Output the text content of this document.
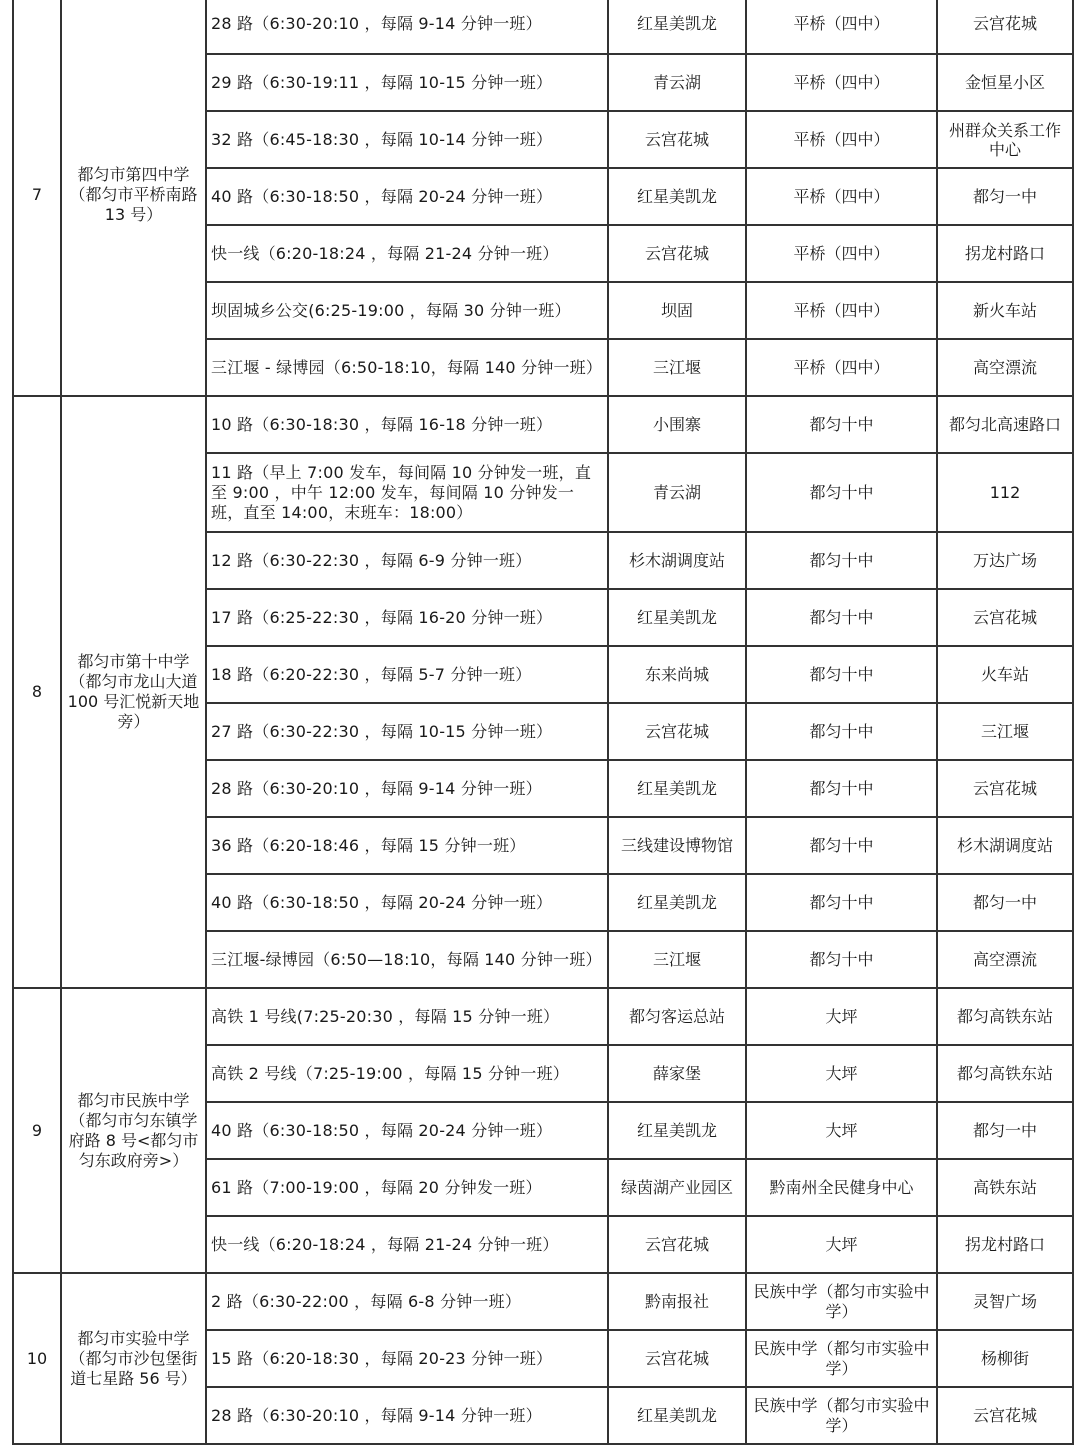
7	都匀市第四中学（都匀市平桥南路 13 号）	28 路（6:30-20:10 ，每隔 9-14 分钟一班）	红星美凯龙	平桥（四中）	云宫花城
		29 路（6:30-19:11 ，每隔 10-15 分钟一班）	青云湖	平桥（四中）	金恒星小区
		32 路（6:45-18:30 ，每隔 10-14 分钟一班）	云宫花城	平桥（四中）	州群众关系工作中心
		40 路（6:30-18:50 ，每隔 20-24 分钟一班）	红星美凯龙	平桥（四中）	都匀一中
		快一线（6:20-18:24 ，每隔 21-24 分钟一班）	云宫花城	平桥（四中）	拐龙村路口
		坝固城乡公交(6:25-19:00 ，每隔 30 分钟一班）	坝固	平桥（四中）	新火车站
		三江堰 - 绿博园（6:50-18:10，每隔 140 分钟一班）	三江堰	平桥（四中）	高空漂流
8	都匀市第十中学（都匀市龙山大道 100 号汇悦新天地旁）	10 路（6:30-18:30 ，每隔 16-18 分钟一班）	小围寨	都匀十中	都匀北高速路口
		11 路（早上 7:00 发车，每间隔 10 分钟发一班，直至 9:00 ，中午 12:00 发车，每间隔 10 分钟发一班，直至 14:00，末班车：18:00）	青云湖	都匀十中	112
		12 路（6:30-22:30 ，每隔 6-9 分钟一班）	杉木湖调度站	都匀十中	万达广场
		17 路（6:25-22:30 ，每隔 16-20 分钟一班）	红星美凯龙	都匀十中	云宫花城
		18 路（6:20-22:30 ，每隔 5-7 分钟一班）	东来尚城	都匀十中	火车站
		27 路（6:30-22:30 ，每隔 10-15 分钟一班）	云宫花城	都匀十中	三江堰
		28 路（6:30-20:10 ，每隔 9-14 分钟一班）	红星美凯龙	都匀十中	云宫花城
		36 路（6:20-18:46 ，每隔 15 分钟一班）	三线建设博物馆	都匀十中	杉木湖调度站
		40 路（6:30-18:50 ，每隔 20-24 分钟一班）	红星美凯龙	都匀十中	都匀一中
		三江堰-绿博园（6:50—18:10，每隔 140 分钟一班）	三江堰	都匀十中	高空漂流
9	都匀市民族中学（都匀市匀东镇学府路 8 号<都匀市匀东政府旁>）	高铁 1 号线(7:25-20:30 ，每隔 15 分钟一班）	都匀客运总站	大坪	都匀高铁东站
		高铁 2 号线（7:25-19:00 ，每隔 15 分钟一班）	薛家堡	大坪	都匀高铁东站
		40 路（6:30-18:50 ，每隔 20-24 分钟一班）	红星美凯龙	大坪	都匀一中
		61 路（7:00-19:00 ，每隔 20 分钟发一班）	绿茵湖产业园区	黔南州全民健身中心	高铁东站
		快一线（6:20-18:24 ，每隔 21-24 分钟一班）	云宫花城	大坪	拐龙村路口
10	都匀市实验中学（都匀市沙包堡街道七星路 56 号）	2 路（6:30-22:00 ，每隔 6-8 分钟一班）	黔南报社	民族中学（都匀市实验中学）	灵智广场
		15 路（6:20-18:30 ，每隔 20-23 分钟一班）	云宫花城	民族中学（都匀市实验中学）	杨柳街
		28 路（6:30-20:10 ，每隔 9-14 分钟一班）	红星美凯龙	民族中学（都匀市实验中学）	云宫花城
